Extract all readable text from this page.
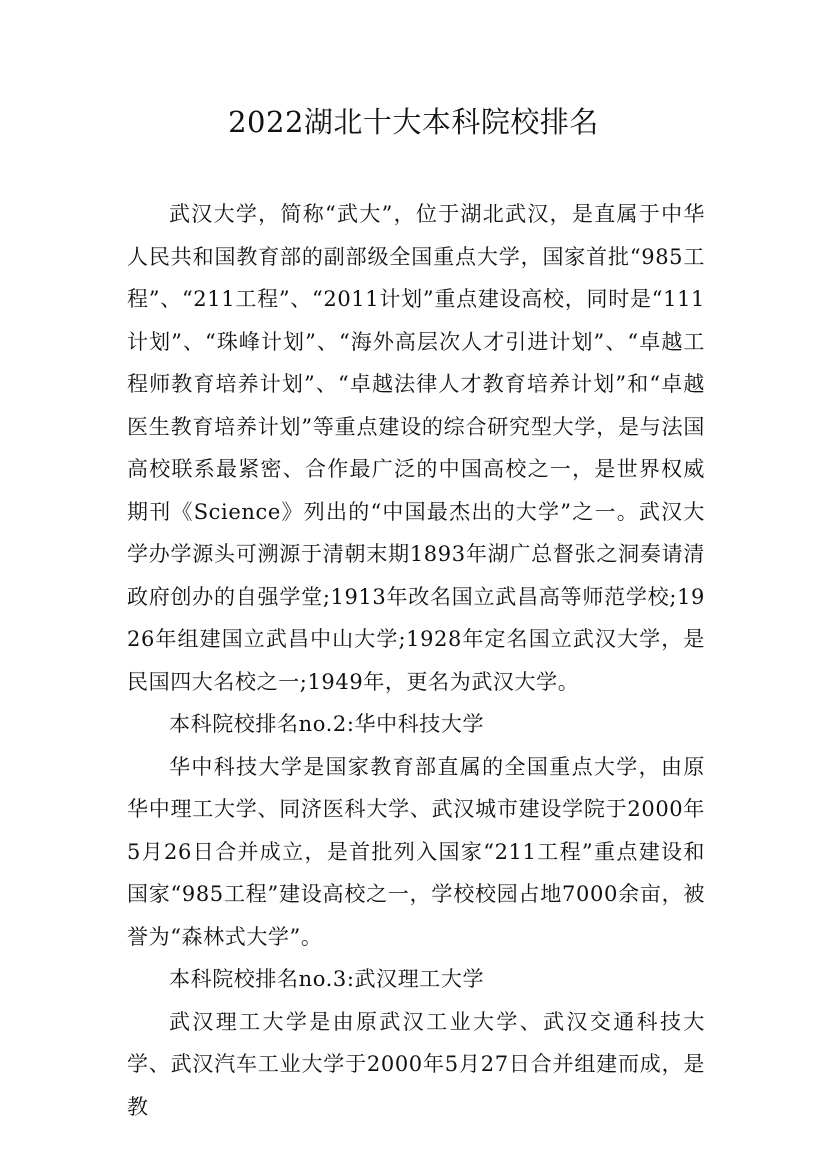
2022湖北十大本科院校排名

武汉大学，简称“武大”，位于湖北武汉，是直属于中华人民共和国教育部的副部级全国重点大学，国家首批“985工程”、“211工程”、“2011计划”重点建设高校，同时是“111计划”、“珠峰计划”、“海外高层次人才引进计划”、“卓越工程师教育培养计划”、“卓越法律人才教育培养计划”和“卓越医生教育培养计划”等重点建设的综合研究型大学，是与法国高校联系最紧密、合作最广泛的中国高校之一，是世界权威期刊《Science》列出的“中国最杰出的大学”之一。武汉大学办学源头可溯源于清朝末期1893年湖广总督张之洞奏请清政府创办的自强学堂;1913年改名国立武昌高等师范学校;1926年组建国立武昌中山大学;1928年定名国立武汉大学，是民国四大名校之一;1949年，更名为武汉大学。

本科院校排名no.2:华中科技大学

华中科技大学是国家教育部直属的全国重点大学，由原华中理工大学、同济医科大学、武汉城市建设学院于2000年5月26日合并成立，是首批列入国家“211工程”重点建设和国家“985工程”建设高校之一，学校校园占地7000余亩，被誉为“森林式大学”。

本科院校排名no.3:武汉理工大学

武汉理工大学是由原武汉工业大学、武汉交通科技大学、武汉汽车工业大学于2000年5月27日合并组建而成，是教
